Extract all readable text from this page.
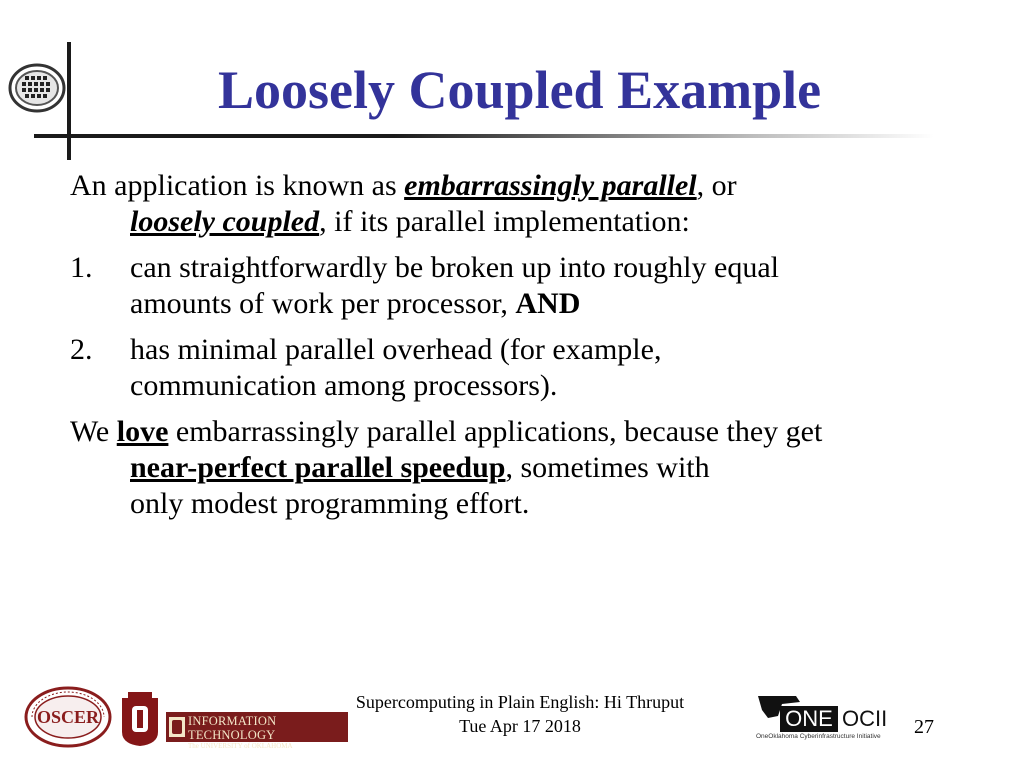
Loosely Coupled Example
An application is known as embarrassingly parallel, or
loosely coupled, if its parallel implementation:
1. can straightforwardly be broken up into roughly equal
amounts of work per processor, AND
2. has minimal parallel overhead (for example,
communication among processors).
We love embarrassingly parallel applications, because they get
near-perfect parallel speedup, sometimes with
only modest programming effort.
OSCER	INFORMATION TECHNOLOGY
The UNIVERSITY of OKLAHOMA
Supercomputing in Plain English: Hi Thruput
Tue Apr 17 2018	ONE OCII
OneOklahoma Cyberinfrastructure Initiative	27
